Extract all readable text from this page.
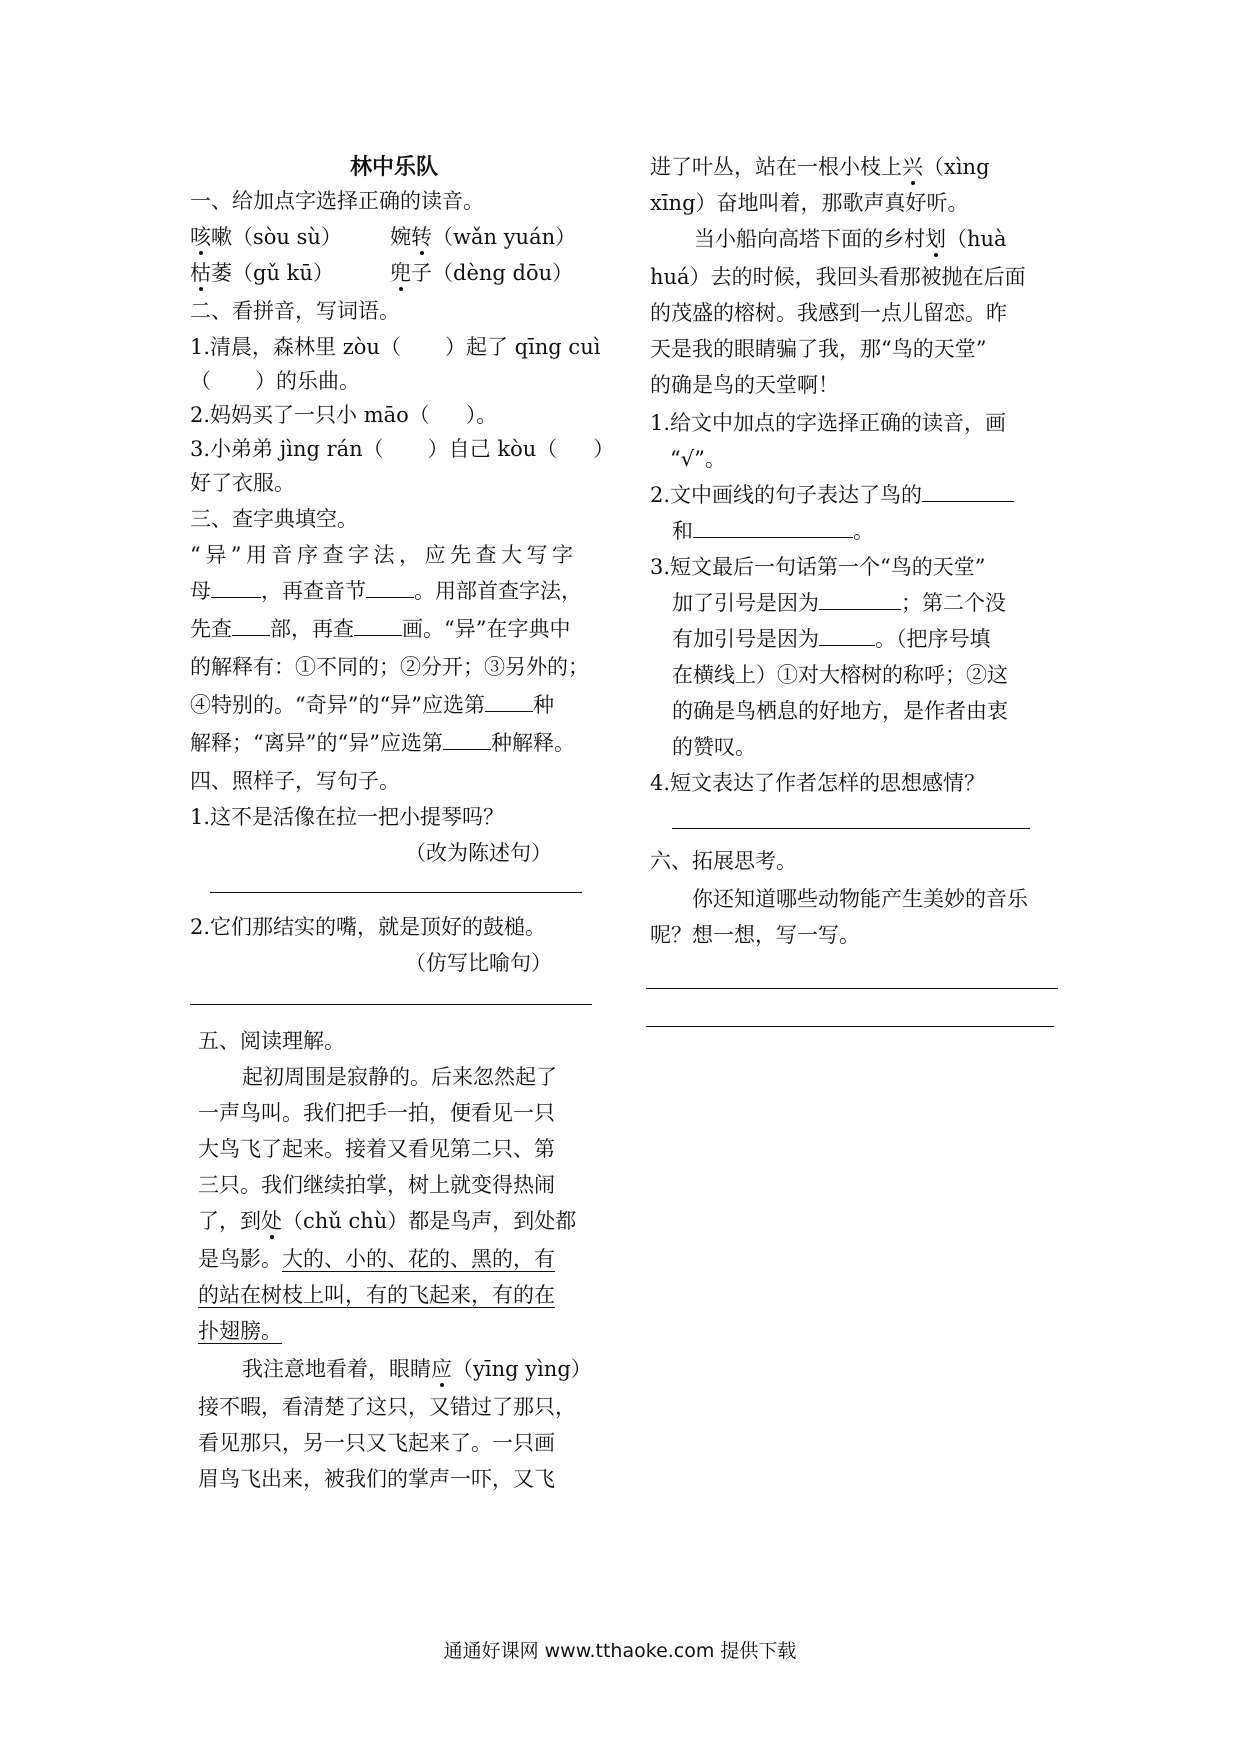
林中乐队
一、给加点字选择正确的读音。
咳嗽（sòu sù） 婉转（wǎn yuán）
枯萎（gǔ kū）	兜子（dèng dōu）
二、看拼音，写词语。
1.清晨，森林里 zòu（ ）起了 qīng cuì
（ ）的乐曲。
2.妈妈买了一只小 māo（ ）。
3.小弟弟 jìng rán（ ）自己 kòu（ ）
好了衣服。
三、查字典填空。
“异”用音序查字法，应先查大写字
母 ，再查音节 。用部首查字法，
先查 部，再查 画。“异”在字典中
的解释有：①不同的；②分开；③另外的；
④特别的。“奇异”的“异”应选第 种
解释；“离异”的“异”应选第 种解释。
四、照样子，写句子。
1.这不是活像在拉一把小提琴吗？
（改为陈述句）
2.它们那结实的嘴，就是顶好的鼓槌。
（仿写比喻句）
五、阅读理解。
起初周围是寂静的。后来忽然起了
一声鸟叫。我们把手一拍，便看见一只
大鸟飞了起来。接着又看见第二只、第
三只。我们继续拍掌，树上就变得热闹
了，到处（chǔ chù）都是鸟声，到处都
是鸟影。大的、小的、花的、黑的，有
的站在树枝上叫，有的飞起来，有的在
扑翅膀。
我注意地看着，眼睛应（yīng yìng）
接不暇，看清楚了这只，又错过了那只，
看见那只，另一只又飞起来了。一只画
眉鸟飞出来，被我们的掌声一吓，又飞
进了叶丛，站在一根小枝上兴（xìng
xīng）奋地叫着，那歌声真好听。
当小船向高塔下面的乡村划（huà
huá）去的时候，我回头看那被抛在后面
的茂盛的榕树。我感到一点儿留恋。昨
天是我的眼睛骗了我，那“鸟的天堂”
的确是鸟的天堂啊！
1.给文中加点的字选择正确的读音，画
“√”。
2.文中画线的句子表达了鸟的
和	。
3.短文最后一句话第一个“鸟的天堂”
加了引号是因为	；第二个没
有加引号是因为	。（把序号填
在横线上）①对大榕树的称呼；②这
的确是鸟栖息的好地方，是作者由衷
的赞叹。
4.短文表达了作者怎样的思想感情？
六、拓展思考。
你还知道哪些动物能产生美妙的音乐
呢？想一想，写一写。
通通好课网 www.tthaoke.com 提供下载
